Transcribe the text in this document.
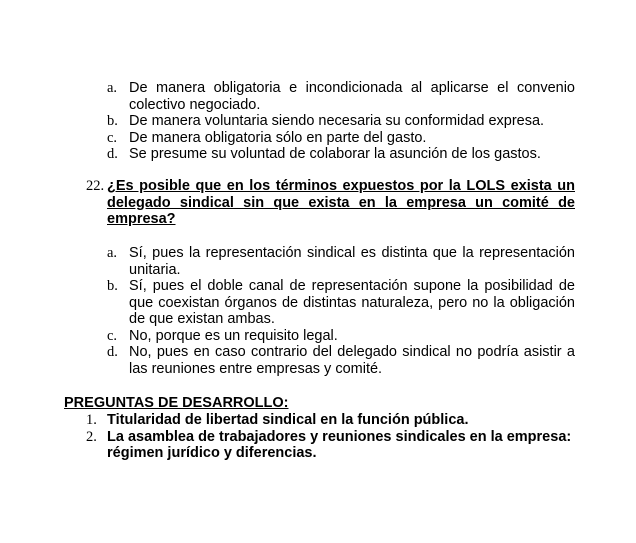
a. De manera obligatoria e incondicionada al aplicarse el convenio colectivo negociado.
b. De manera voluntaria siendo necesaria su conformidad expresa.
c. De manera obligatoria sólo en parte del gasto.
d. Se presume su voluntad de colaborar la asunción de los gastos.
22. ¿Es posible que en los términos expuestos por la LOLS exista un delegado sindical sin que exista en la empresa un comité de empresa?
a. Sí, pues la representación sindical es distinta que la representación unitaria.
b. Sí, pues el doble canal de representación supone la posibilidad de que coexistan órganos de distintas naturaleza, pero no la obligación de que existan ambas.
c. No, porque es un requisito legal.
d. No, pues en caso contrario del delegado sindical no podría asistir a las reuniones entre empresas y comité.
PREGUNTAS DE DESARROLLO:
1. Titularidad de libertad sindical en la función pública.
2. La asamblea de trabajadores y reuniones sindicales en la empresa: régimen jurídico y diferencias.
